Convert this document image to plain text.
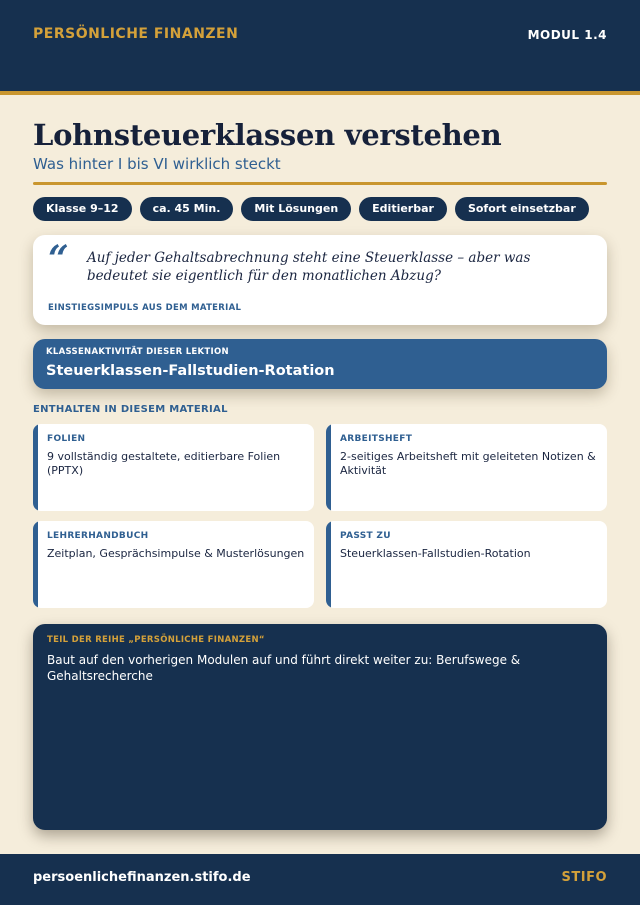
PERSÖNLICHE FINANZEN	MODUL 1.4
Lohnsteuerklassen verstehen
Was hinter I bis VI wirklich steckt
Klasse 9–12	ca. 45 Min.	Mit Lösungen	Editierbar	Sofort einsetzbar
“ Auf jeder Gehaltsabrechnung steht eine Steuerklasse – aber was bedeutet sie eigentlich für den monatlichen Abzug?

EINSTIEGSIMPULS AUS DEM MATERIAL
KLASSENAKTIVITÄT DIESER LEKTION
Steuerklassen-Fallstudien-Rotation
ENTHALTEN IN DIESEM MATERIAL
FOLIEN

9 vollständig gestaltete, editierbare Folien (PPTX)

ARBEITSHEFT

2-seitiges Arbeitsheft mit geleiteten Notizen & Aktivität

LEHRERHANDBUCH

Zeitplan, Gesprächsimpulse & Musterlösungen

PASST ZU

Steuerklassen-Fallstudien-Rotation

TEIL DER REIHE „PERSÖNLICHE FINANZEN“

Baut auf den vorherigen Modulen auf und führt direkt weiter zu: Berufswege & Gehaltsrecherche

persoenlichefinanzen.stifo.de	STIFO
